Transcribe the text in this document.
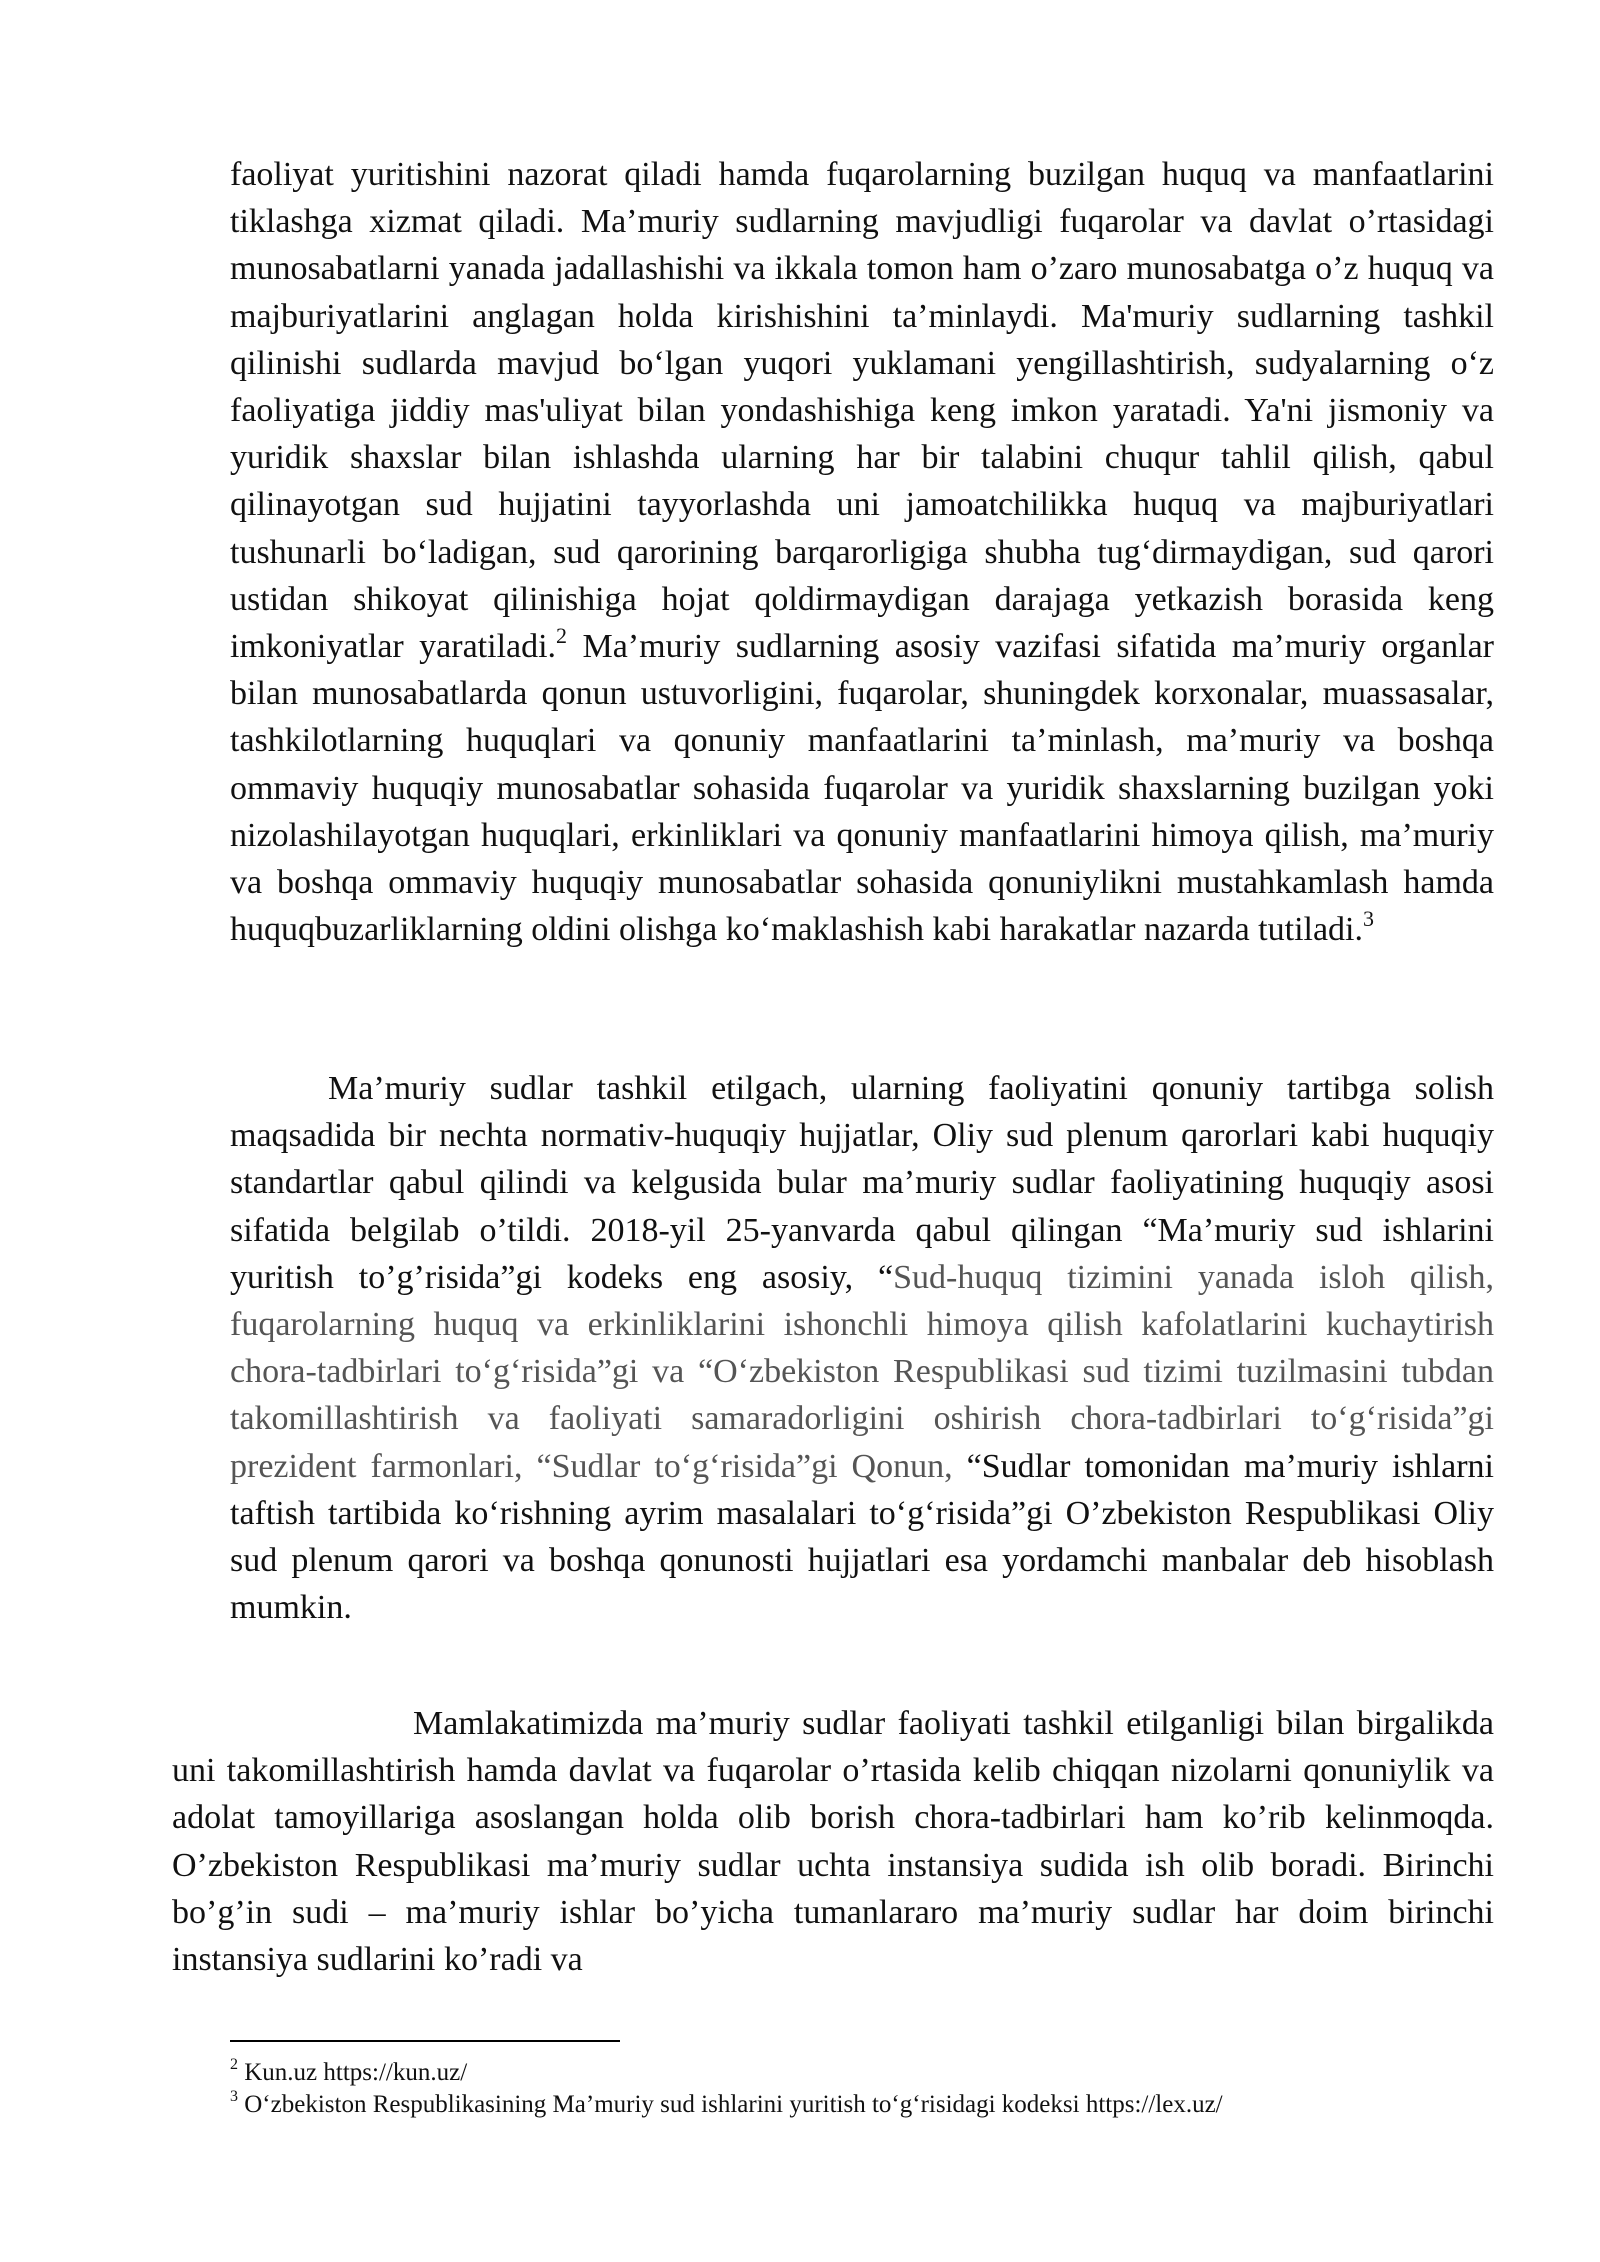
faoliyat yuritishini nazorat qiladi hamda fuqarolarning buzilgan huquq va manfaatlarini tiklashga xizmat qiladi. Ma’muriy sudlarning mavjudligi fuqarolar va davlat o’rtasidagi munosabatlarni yanada jadallashishi va ikkala tomon ham o’zaro munosabatga o’z huquq va majburiyatlarini anglagan holda kirishishini ta’minlaydi. Ma'muriy sudlarning tashkil qilinishi sudlarda mavjud bo‘lgan yuqori yuklamani yengillashtirish, sudyalarning o‘z faoliyatiga jiddiy mas'uliyat bilan yondashishiga keng imkon yaratadi. Ya'ni jismoniy va yuridik shaxslar bilan ishlashda ularning har bir talabini chuqur tahlil qilish, qabul qilinayotgan sud hujjatini tayyorlashda uni jamoatchilikka huquq va majburiyatlari tushunarli bo‘ladigan, sud qarorining barqarorligiga shubha tug‘dirmaydigan, sud qarori ustidan shikoyat qilinishiga hojat qoldirmaydigan darajaga yetkazish borasida keng imkoniyatlar yaratiladi.$^2$ Ma’muriy sudlarning asosiy vazifasi sifatida ma’muriy organlar bilan munosabatlarda qonun ustuvorligini, fuqarolar, shuningdek korxonalar, muassasalar, tashkilotlarning huquqlari va qonuniy manfaatlarini ta’minlash, ma’muriy va boshqa ommaviy huquqiy munosabatlar sohasida fuqarolar va yuridik shaxslarning buzilgan yoki nizolashilayotgan huquqlari, erkinliklari va qonuniy manfaatlarini himoya qilish, ma’muriy va boshqa ommaviy huquqiy munosabatlar sohasida qonuniylikni mustahkamlash hamda huquqbuzarliklarning oldini olishga ko‘maklashish kabi harakatlar nazarda tutiladi.$^3$

Ma’muriy sudlar tashkil etilgach, ularning faoliyatini qonuniy tartibga solish maqsadida bir nechta normativ-huquqiy hujjatlar, Oliy sud plenum qarorlari kabi huquqiy standartlar qabul qilindi va kelgusida bular ma’muriy sudlar faoliyatining huquqiy asosi sifatida belgilab o’tildi. 2018-yil 25-yanvarda qabul qilingan “Ma’muriy sud ishlarini yuritish to’g’risida”gi kodeks eng asosiy, “Sud-huquq tizimini yanada isloh qilish, fuqarolarning huquq va erkinliklarini ishonchli himoya qilish kafolatlarini kuchaytirish chora-tadbirlari to‘g‘risida”gi va “O‘zbekiston Respublikasi sud tizimi tuzilmasini tubdan takomillashtirish va faoliyati samaradorligini oshirish chora-tadbirlari to‘g‘risida”gi prezident farmonlari, “Sudlar to‘g‘risida”gi Qonun, “Sudlar tomonidan ma’muriy ishlarni taftish tartibida ko‘rishning ayrim masalalari to‘g‘risida”gi O’zbekiston Respublikasi Oliy sud plenum qarori va boshqa qonunosti hujjatlari esa yordamchi manbalar deb hisoblash mumkin.

Mamlakatimizda ma’muriy sudlar faoliyati tashkil etilganligi bilan birgalikda uni takomillashtirish hamda davlat va fuqarolar o’rtasida kelib chiqqan nizolarni qonuniylik va adolat tamoyillariga asoslangan holda olib borish chora-tadbirlari ham ko’rib kelinmoqda. O’zbekiston Respublikasi ma’muriy sudlar uchta instansiya sudida ish olib boradi. Birinchi bo’g’in sudi – ma’muriy ishlar bo’yicha tumanlararo ma’muriy sudlar har doim birinchi instansiya sudlarini ko’radi va

$^2$ Kun.uz https://kun.uz/
$^3$ O‘zbekiston Respublikasining Ma’muriy sud ishlarini yuritish to‘g‘risidagi kodeksi https://lex.uz/
